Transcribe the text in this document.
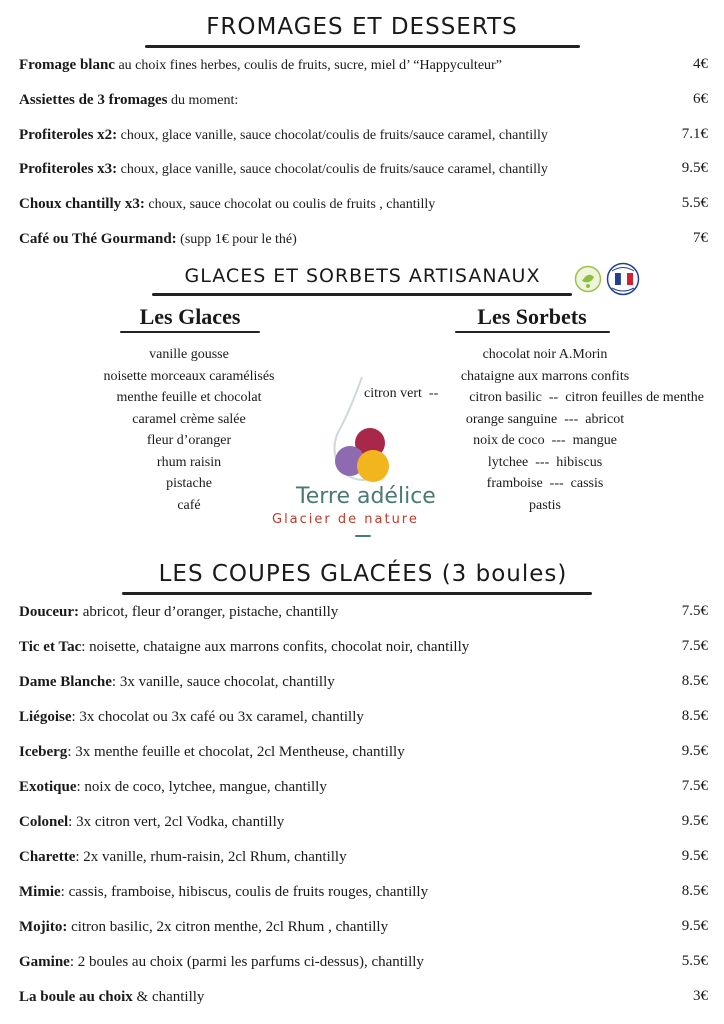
FROMAGES ET DESSERTS
Fromage blanc au choix fines herbes, coulis de fruits, sucre, miel d’ “Happyculteur”	4€
Assiettes de 3 fromages du moment:	6€
Profiteroles x2: choux, glace vanille, sauce chocolat/coulis de fruits/sauce caramel, chantilly	7.1€
Profiteroles x3: choux, glace vanille, sauce chocolat/coulis de fruits/sauce caramel, chantilly	9.5€
Choux chantilly x3: choux, sauce chocolat ou coulis de fruits , chantilly	5.5€
Café ou Thé Gourmand: (supp 1€ pour le thé)	7€
GLACES ET SORBETS ARTISANAUX
Les Glaces
vanille gousse
noisette morceaux caramélisés
menthe feuille et chocolat
caramel crème salée
fleur d’oranger
rhum raisin
pistache
café
Les Sorbets
chocolat noir A.Morin
chataigne aux marrons confits
citron basilic  --  citron feuilles de menthe
orange sanguine  ---  abricot
noix de coco  ---  mangue
lytchee  ---  hibiscus
framboise  ---  cassis
pastis
citron vert  --
Terre adélice
Glacier de nature
LES COUPES GLACÉES (3 boules)
Douceur: abricot, fleur d’oranger, pistache, chantilly	7.5€
Tic et Tac: noisette, chataigne aux marrons confits, chocolat noir, chantilly	7.5€
Dame Blanche: 3x vanille, sauce chocolat, chantilly	8.5€
Liégoise: 3x chocolat ou 3x café ou 3x caramel, chantilly	8.5€
Iceberg: 3x menthe feuille et chocolat, 2cl Mentheuse, chantilly	9.5€
Exotique: noix de coco, lytchee, mangue, chantilly	7.5€
Colonel: 3x citron vert, 2cl Vodka, chantilly	9.5€
Charette: 2x vanille, rhum-raisin, 2cl Rhum, chantilly	9.5€
Mimie: cassis, framboise, hibiscus, coulis de fruits rouges, chantilly	8.5€
Mojito: citron basilic, 2x citron menthe, 2cl Rhum , chantilly	9.5€
Gamine: 2 boules au choix (parmi les parfums ci-dessus), chantilly	5.5€
La boule au choix & chantilly	3€
